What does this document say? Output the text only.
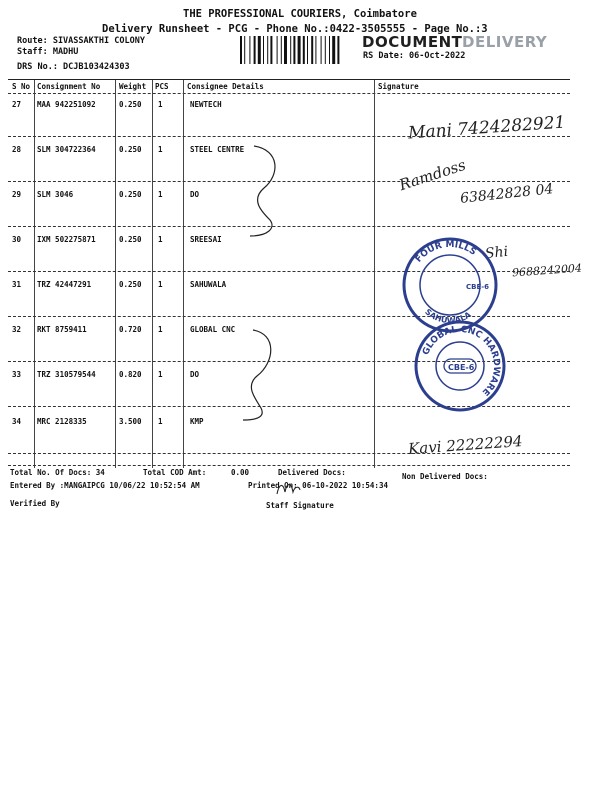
THE PROFESSIONAL COURIERS, Coimbatore
Delivery Runsheet - PCG - Phone No.:0422-3505555 - Page No.:3
Route: SIVASSAKTHI COLONY
Staff: MADHU
DRS No.: DCJB103424303
DOCUMENT DELIVERY
RS Date: 06-Oct-2022
S No Consignment No	Weight PCS Consignee Details	Signature
27 MAA 942251092	0.250 1	NEWTECH
28 SLM 304722364	0.250 1	STEEL CENTRE
29 SLM 3046	0.250 1	DO
30 IXM 502275871	0.250 1	SREESAI
31 TRZ 42447291	0.250 1	SAHUWALA
32 RKT 8759411	0.720 1	GLOBAL CNC
33 TRZ 310579544	0.820 1	DO
34 MRC 2128335	3.500 1	KMP
Mani 7424282921
Ramdoss
63842828 04
Shi
9688242004
Kavi 22222294
FOUR MILLS
SAHUWALA
CBE-6
GLOBAL CNC HARDWARE
CBE-6
Total No. Of Docs: 34	Total COD Amt:	0.00	Delivered Docs:	Non Delivered Docs:
Entered By :MANGAIPCG 10/06/22 10:52:54 AM	Printed On: 06-10-2022 10:54:34
Verified By	Staff Signature
